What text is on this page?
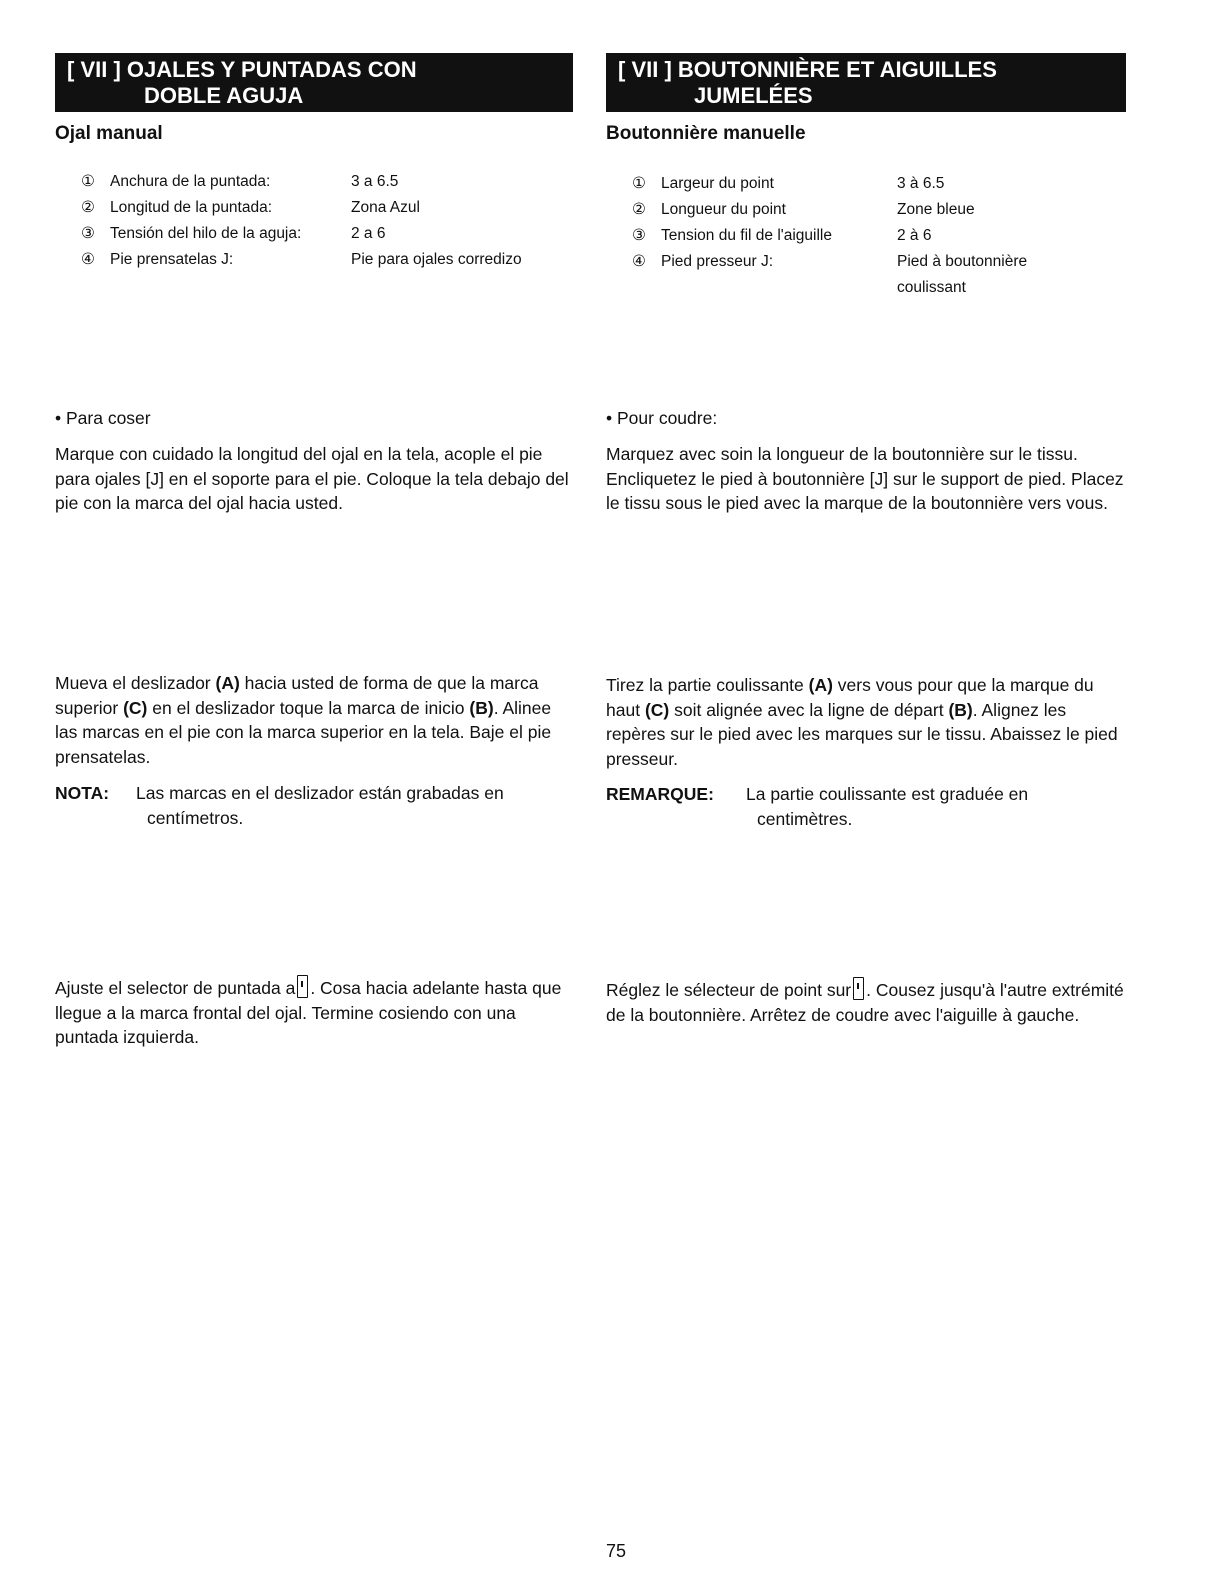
[ VII ] OJALES Y PUNTADAS CON
DOBLE AGUJA
Ojal manual
① Anchura de la puntada:	3 a 6.5
② Longitud de la puntada:	Zona Azul
③ Tensión del hilo de la aguja:	2 a 6
④ Pie prensatelas J:	Pie para ojales corredizo
• Para coser

Marque con cuidado la longitud del ojal en la tela, acople el pie para ojales [J] en el soporte para el pie. Coloque la tela debajo del pie con la marca del ojal hacia usted.

Mueva el deslizador (A) hacia usted de forma de que la marca superior (C) en el deslizador toque la marca de inicio (B). Alinee las marcas en el pie con la marca superior en la tela. Baje el pie prensatelas.

NOTA:	Las marcas en el deslizador están grabadas en
centímetros.

Ajuste el selector de puntada a . Cosa hacia adelante hasta que llegue a la marca frontal del ojal. Termine cosiendo con una puntada izquierda.

[ VII ] BOUTONNIÈRE ET AIGUILLES
JUMELÉES
Boutonnière manuelle
① Largeur du point	3 à 6.5
② Longueur du point	Zone bleue
③ Tension du fil de l'aiguille	2 à 6
④ Pied presseur J:	Pied à boutonnière coulissant
• Pour coudre:

Marquez avec soin la longueur de la boutonnière sur le tissu. Encliquetez le pied à boutonnière [J] sur le support de pied. Placez le tissu sous le pied avec la marque de la boutonnière vers vous.

Tirez la partie coulissante (A) vers vous pour que la marque du haut (C) soit alignée avec la ligne de départ (B). Alignez les repères sur le pied avec les marques sur le tissu. Abaissez le pied presseur.

REMARQUE:	La partie coulissante est graduée en
centimètres.

Réglez le sélecteur de point sur . Cousez jusqu'à l'autre extrémité de la boutonnière. Arrêtez de coudre avec l'aiguille à gauche.

75
